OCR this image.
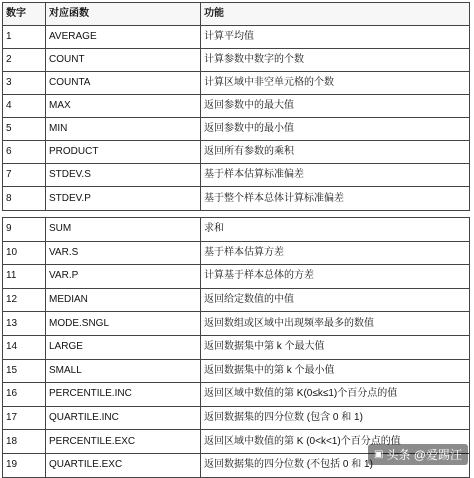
数字	对应函数	功能
1	AVERAGE	计算平均值
2	COUNT	计算参数中数字的个数
3	COUNTA	计算区域中非空单元格的个数
4	MAX	返回参数中的最大值
5	MIN	返回参数中的最小值
6	PRODUCT	返回所有参数的乘积
7	STDEV.S	基于样本估算标准偏差
8	STDEV.P	基于整个样本总体计算标准偏差
9	SUM	求和
10	VAR.S	基于样本估算方差
11	VAR.P	计算基于样本总体的方差
12	MEDIAN	返回给定数值的中值
13	MODE.SNGL	返回数组或区域中出现频率最多的数值
14	LARGE	返回数据集中第 k 个最大值
15	SMALL	返回数据集中的第 k 个最小值
16	PERCENTILE.INC	返回区域中数值的第 K(0≤k≤1)个百分点的值
17	QUARTILE.INC	返回数据集的四分位数 (包含 0 和 1)
18	PERCENTILE.EXC	返回区域中数值的第 K (0<k<1)个百分点的值
19	QUARTILE.EXC	返回数据集的四分位数 (不包括 0 和 1)
▣ 头条 @爱踢汪
